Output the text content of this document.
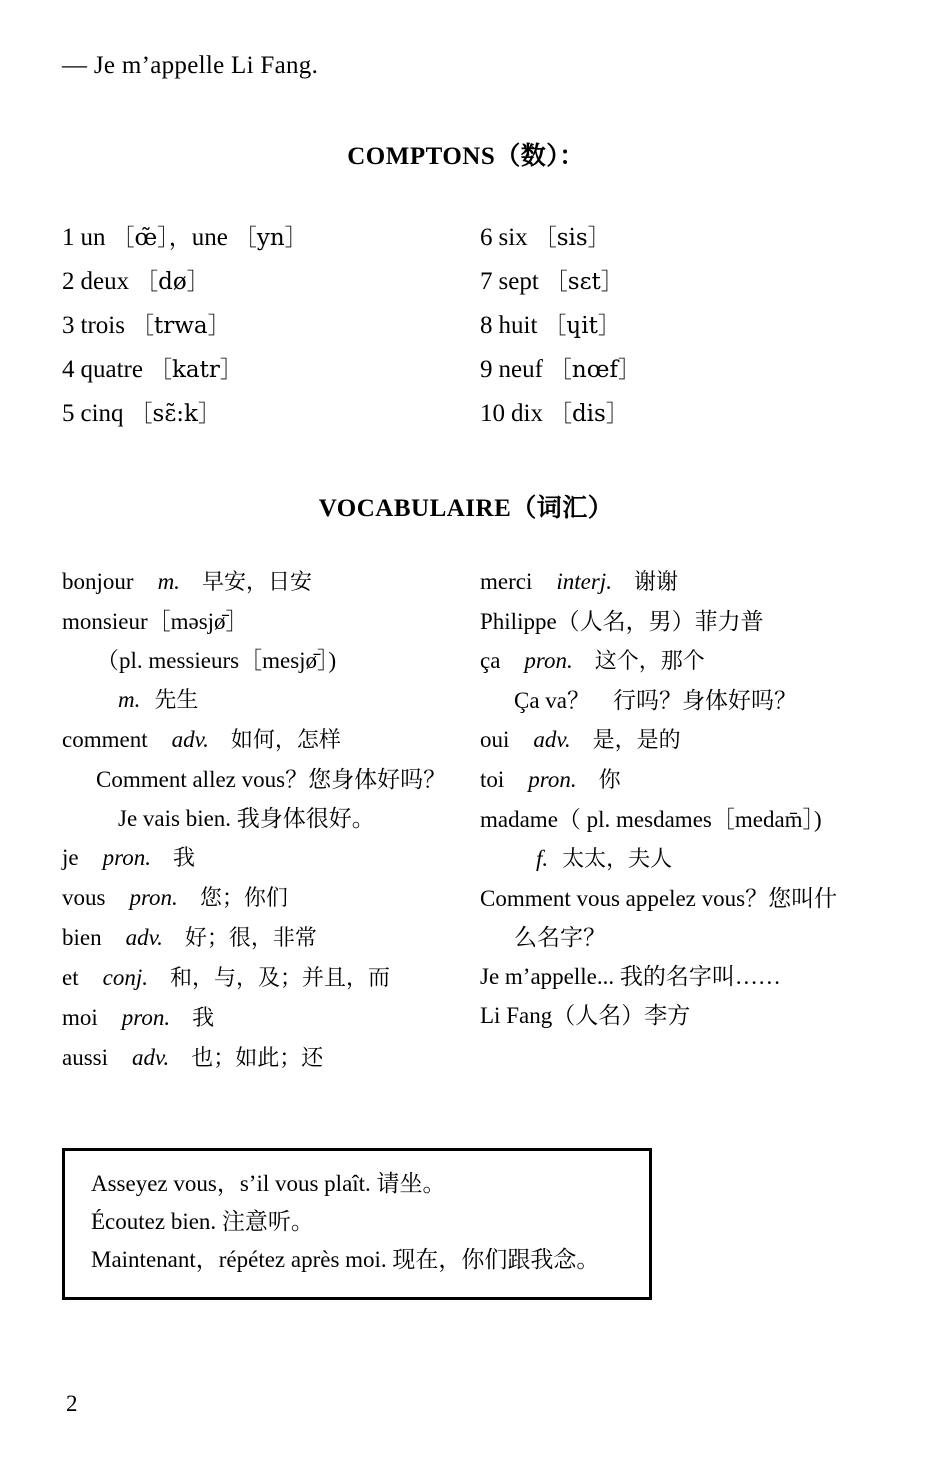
— Je m’appelle Li Fang.
COMPTONS（数）：
1 un ［œ̃］，une ［yn］
2 deux ［dø］
3 trois ［trwa］
4 quatre ［katr］
5 cinq ［sɛ̃:k］
6 six ［sis］
7 sept ［sɛt］
8 huit ［ɥit］
9 neuf ［nœf］
10 dix ［dis］
VOCABULAIRE（词汇）
bonjour m. 早安，日安
monsieur［məsjø̄］
（pl. messieurs［mesjø̄］)
m. 先生
comment adv. 如何，怎样
Comment allez vous？您身体好吗？
Je vais bien. 我身体很好。
je pron. 我
vous pron. 您；你们
bien adv. 好；很，非常
et conj. 和，与，及；并且，而
moi pron. 我
aussi adv. 也；如此；还
merci interj. 谢谢
Philippe（人名，男）菲力普
ça pron. 这个，那个
Ça va？　行吗？身体好吗？
oui adv. 是，是的
toi pron. 你
madame（ pl. mesdames［medam̄］)
f. 太太，夫人
Comment vous appelez vous？您叫什
么名字？
Je m’appelle... 我的名字叫……
Li Fang（人名）李方
Asseyez vous，s’il vous plaît. 请坐。
Écoutez bien. 注意听。
Maintenant，répétez après moi. 现在，你们跟我念。
2
